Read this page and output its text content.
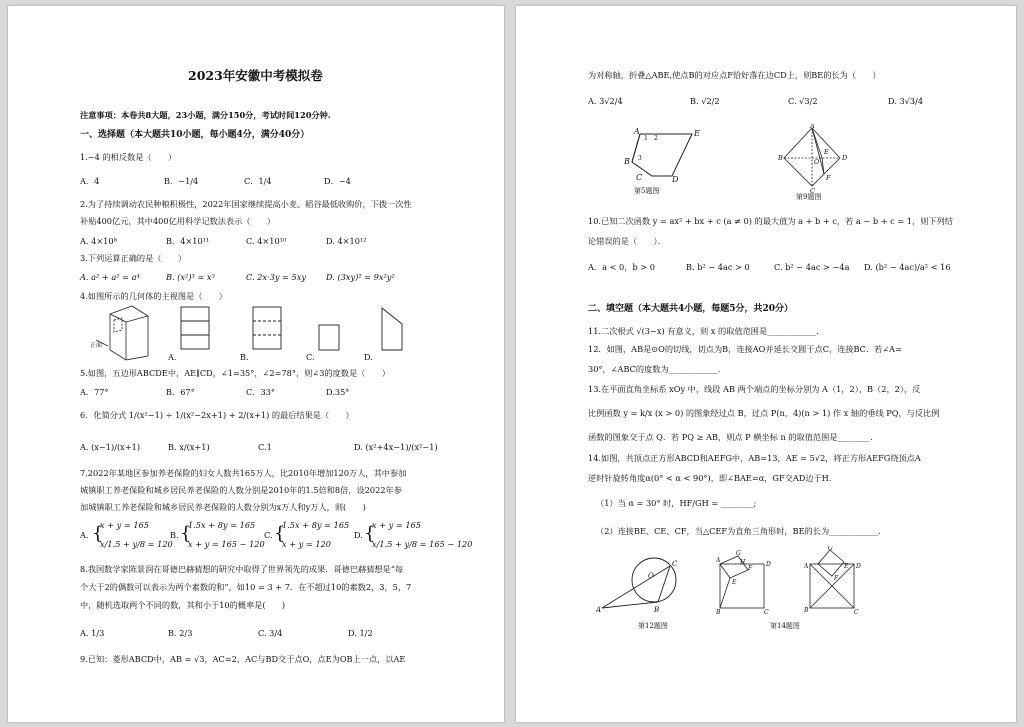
2023年安徽中考模拟卷
注意事项：本卷共8大题，23小题，满分150分，考试时间120分钟.
一、选择题（本大题共10小题，每小题4分，满分40分）
1.−4 的相反数是（　　）
A．4	B．−1/4	C．1/4	D．−4
2.为了持续调动农民种粮积极性，2022年国家继续提高小麦、稻谷最低收购价，下拨一次性
补贴400亿元，其中400亿用科学记数法表示（　　）
A. 4×10⁸	B．4×10¹¹	C. 4×10¹⁰	D. 4×10¹²
3.下列运算正确的是（　　）
A. a² + a² = a⁴	B. (x²)³ = x⁵	C. 2x·3y = 5xy D. (3xy)² = 9x²y²
4.如图所示的几何体的主视图是（　　）
正面
A.	B.	C.	D.
5.如图，五边形ABCDE中，AE∥CD，∠1=35°，∠2=78°，则∠3的度数是（　　）
A．77°	B．67°	C．33°	D.35°
6．化简分式 1/(x²−1) ÷ 1/(x²−2x+1) + 2/(x+1) 的最后结果是（　　）
A. (x−1)/(x+1)	B. x/(x+1)	C.1	D. (x²+4x−1)/(x²−1)
7.2022年某地区参加养老保险的妇女人数共165万人，比2010年增加120万人，其中参加
城镇职工养老保险和城乡居民养老保险的人数分别是2010年的1.5倍和8倍，设2022年参
加城镇职工养老保险和城乡居民养老保险的人数分别为x万人和y万人，则(　　)
A. {
x + y = 165
x/1.5 + y/8 = 120
B. {
1.5x + 8y = 165
x + y = 165 − 120
C. {
1.5x + 8y = 165
x + y = 120
D. {
x + y = 165
x/1.5 + y/8 = 165 − 120
8.我国数学家陈景润在哥德巴赫猜想的研究中取得了世界领先的成果．哥德巴赫猜想是“每
个大于2的偶数可以表示为两个素数的和”，如10 = 3 + 7．在不超过10的素数2，3，5，7
中，随机选取两个不同的数，其和小于10的概率是(　　)
A. 1/3	B. 2/3	C. 3/4	D. 1/2
9.已知：菱形ABCD中，AB = √3，AC=2，AC与BD交于点O，点E为OB上一点，以AE
为对称轴，折叠△ABE,使点B的对应点F恰好落在边CD上，则BE的长为（　　）
A. 3√2/4	B. √2/2	C. √3/2	D. 3√3/4
A	E
B
C	D
1 2
3
第5题图
A
B	D
C
E
O
F
第9题图
10.已知二次函数 y = ax² + bx + c (a ≠ 0) 的最大值为 a + b + c，若 a − b + c = 1，则下列结
论错误的是（　　）．
A．a < 0，b > 0	B. b² − 4ac > 0	C. b² − 4ac > −4a D. (b² − 4ac)/a² < 16
二、填空题（本大题共4小题，每题5分，共20分）
11.二次根式 √(3−x) 有意义，则 x 的取值范围是____________.
12．如图，AB是⊙O的切线，切点为B，连接AO并延长交圆于点C，连接BC．若∠A=
30°，∠ABC的度数为____________.
13.在平面直角坐标系 xOy 中，线段 AB 两个端点的坐标分别为 A（1，2），B（2，2），反
比例函数 y = k/x (x > 0) 的图象经过点 B，过点 P(n，4)(n > 1) 作 x 轴的垂线 PQ，与反比例
函数的图象交于点 Q．若 PQ ≥ AB，则点 P 横坐标 n 的取值范围是________.
14.如图，共顶点正方形ABCD和AEFG中，AB=13，AE = 5√2，将正方形AEFG绕顶点A
逆时针旋转角度α(0° < α < 90°)，即∠BAE=α，GF交AD边于H.
（1）当 α = 30° 时，HF/GH = ________;
（2）连接BE、CE、CF，当△CEF为直角三角形时，BE的长为____________.
A	B
C
O
第12题图
A
G
F
D
B	C
H
E
G
E D
B	C
A
F
第14题图
